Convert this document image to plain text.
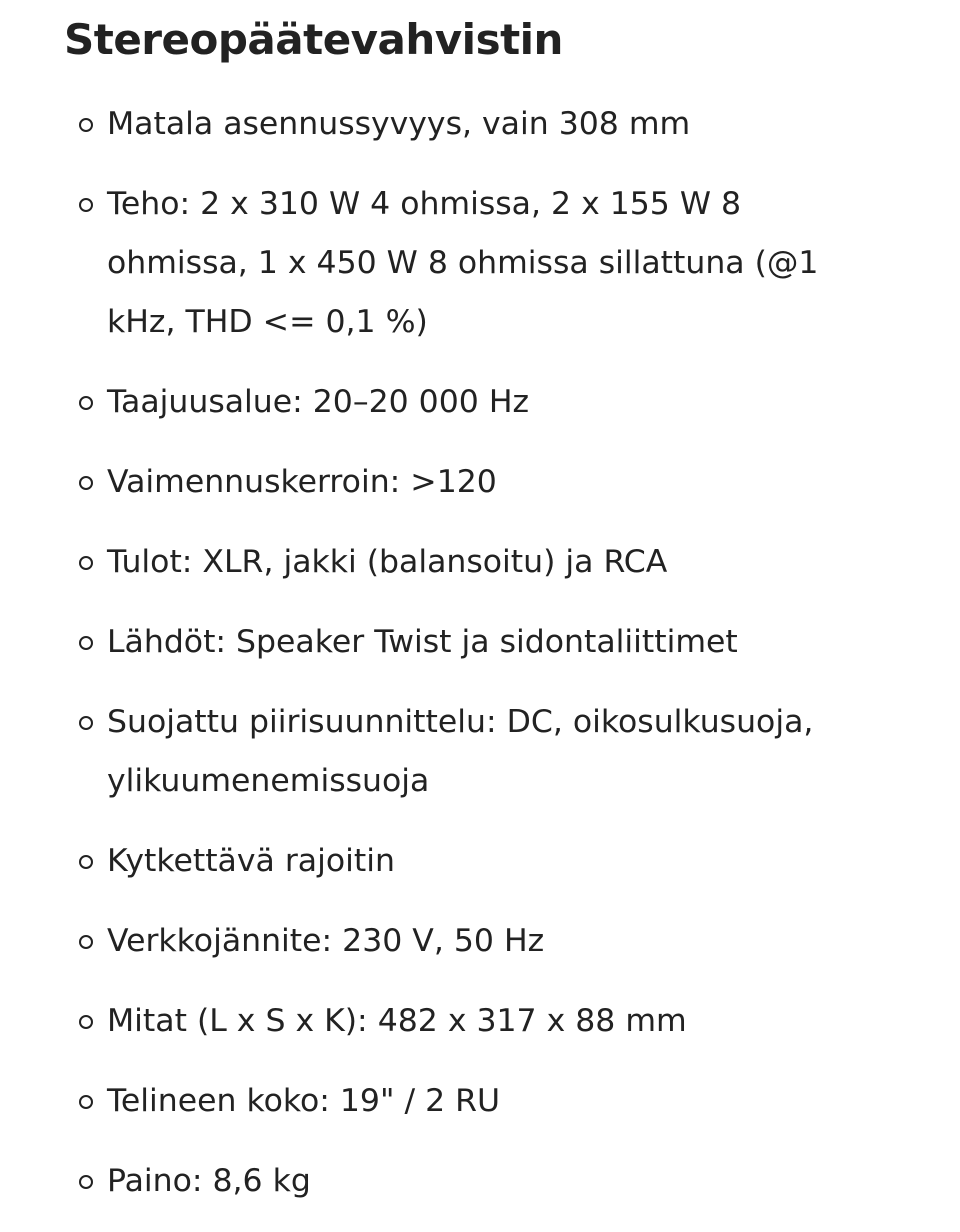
Stereopäätevahvistin
Matala asennussyvyys, vain 308 mm
Teho: 2 x 310 W 4 ohmissa, 2 x 155 W 8 ohmissa, 1 x 450 W 8 ohmissa sillattuna (@1 kHz, THD <= 0,1 %)
Taajuusalue: 20–20 000 Hz
Vaimennuskerroin: >120
Tulot: XLR, jakki (balansoitu) ja RCA
Lähdöt: Speaker Twist ja sidontaliittimet
Suojattu piirisuunnittelu: DC, oikosulkusuoja, ylikuumenemissuoja
Kytkettävä rajoitin
Verkkojännite: 230 V, 50 Hz
Mitat (L x S x K): 482 x 317 x 88 mm
Telineen koko: 19" / 2 RU
Paino: 8,6 kg
